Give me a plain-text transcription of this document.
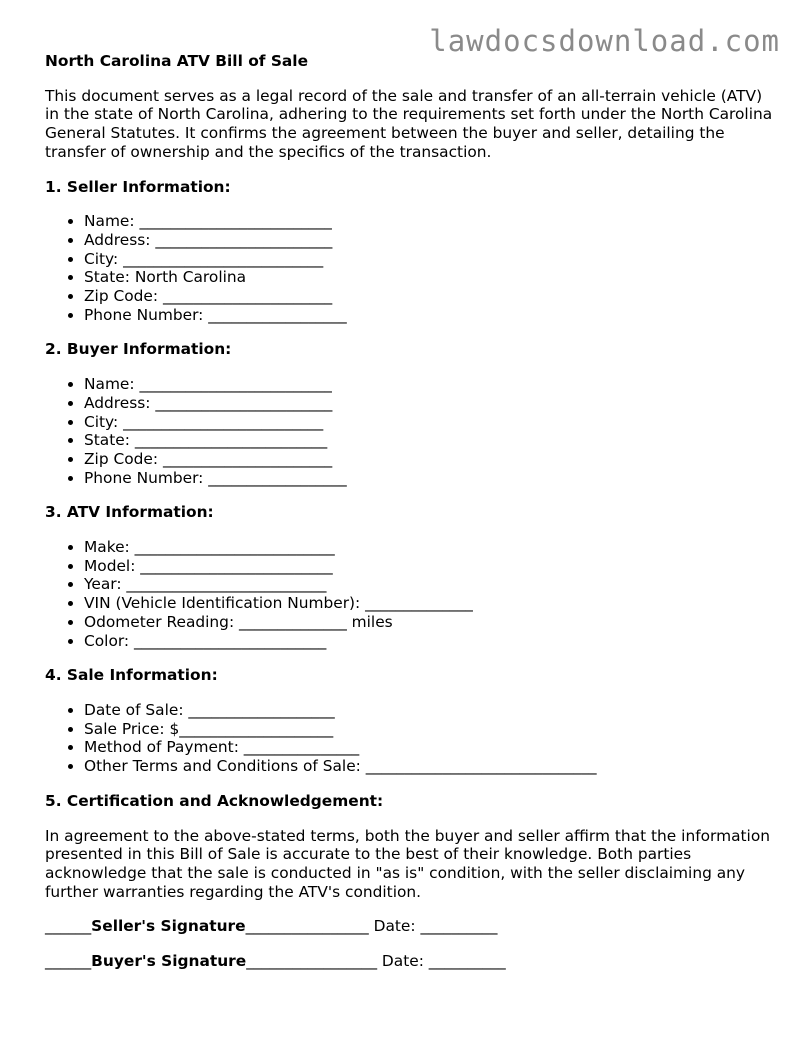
lawdocsdownload.com
North Carolina ATV Bill of Sale

This document serves as a legal record of the sale and transfer of an all-terrain vehicle (ATV) in the state of North Carolina, adhering to the requirements set forth under the North Carolina General Statutes. It confirms the agreement between the buyer and seller, detailing the transfer of ownership and the specifics of the transaction.

1. Seller Information:
• Name: _________________________
• Address: _______________________
• City: __________________________
• State: North Carolina
• Zip Code: ______________________
• Phone Number: __________________
2. Buyer Information:
• Name: _________________________
• Address: _______________________
• City: __________________________
• State: _________________________
• Zip Code: ______________________
• Phone Number: __________________
3. ATV Information:
• Make: __________________________
• Model: _________________________
• Year: __________________________
• VIN (Vehicle Identification Number): ______________
• Odometer Reading: ______________ miles
• Color: _________________________
4. Sale Information:
• Date of Sale: ___________________
• Sale Price: $____________________
• Method of Payment: _______________
• Other Terms and Conditions of Sale: ______________________________
5. Certification and Acknowledgement:

In agreement to the above-stated terms, both the buyer and seller affirm that the information presented in this Bill of Sale is accurate to the best of their knowledge. Both parties acknowledge that the sale is conducted in "as is" condition, with the seller disclaiming any further warranties regarding the ATV's condition.

______Seller's Signature________________ Date: __________
______Buyer's Signature_________________ Date: __________
